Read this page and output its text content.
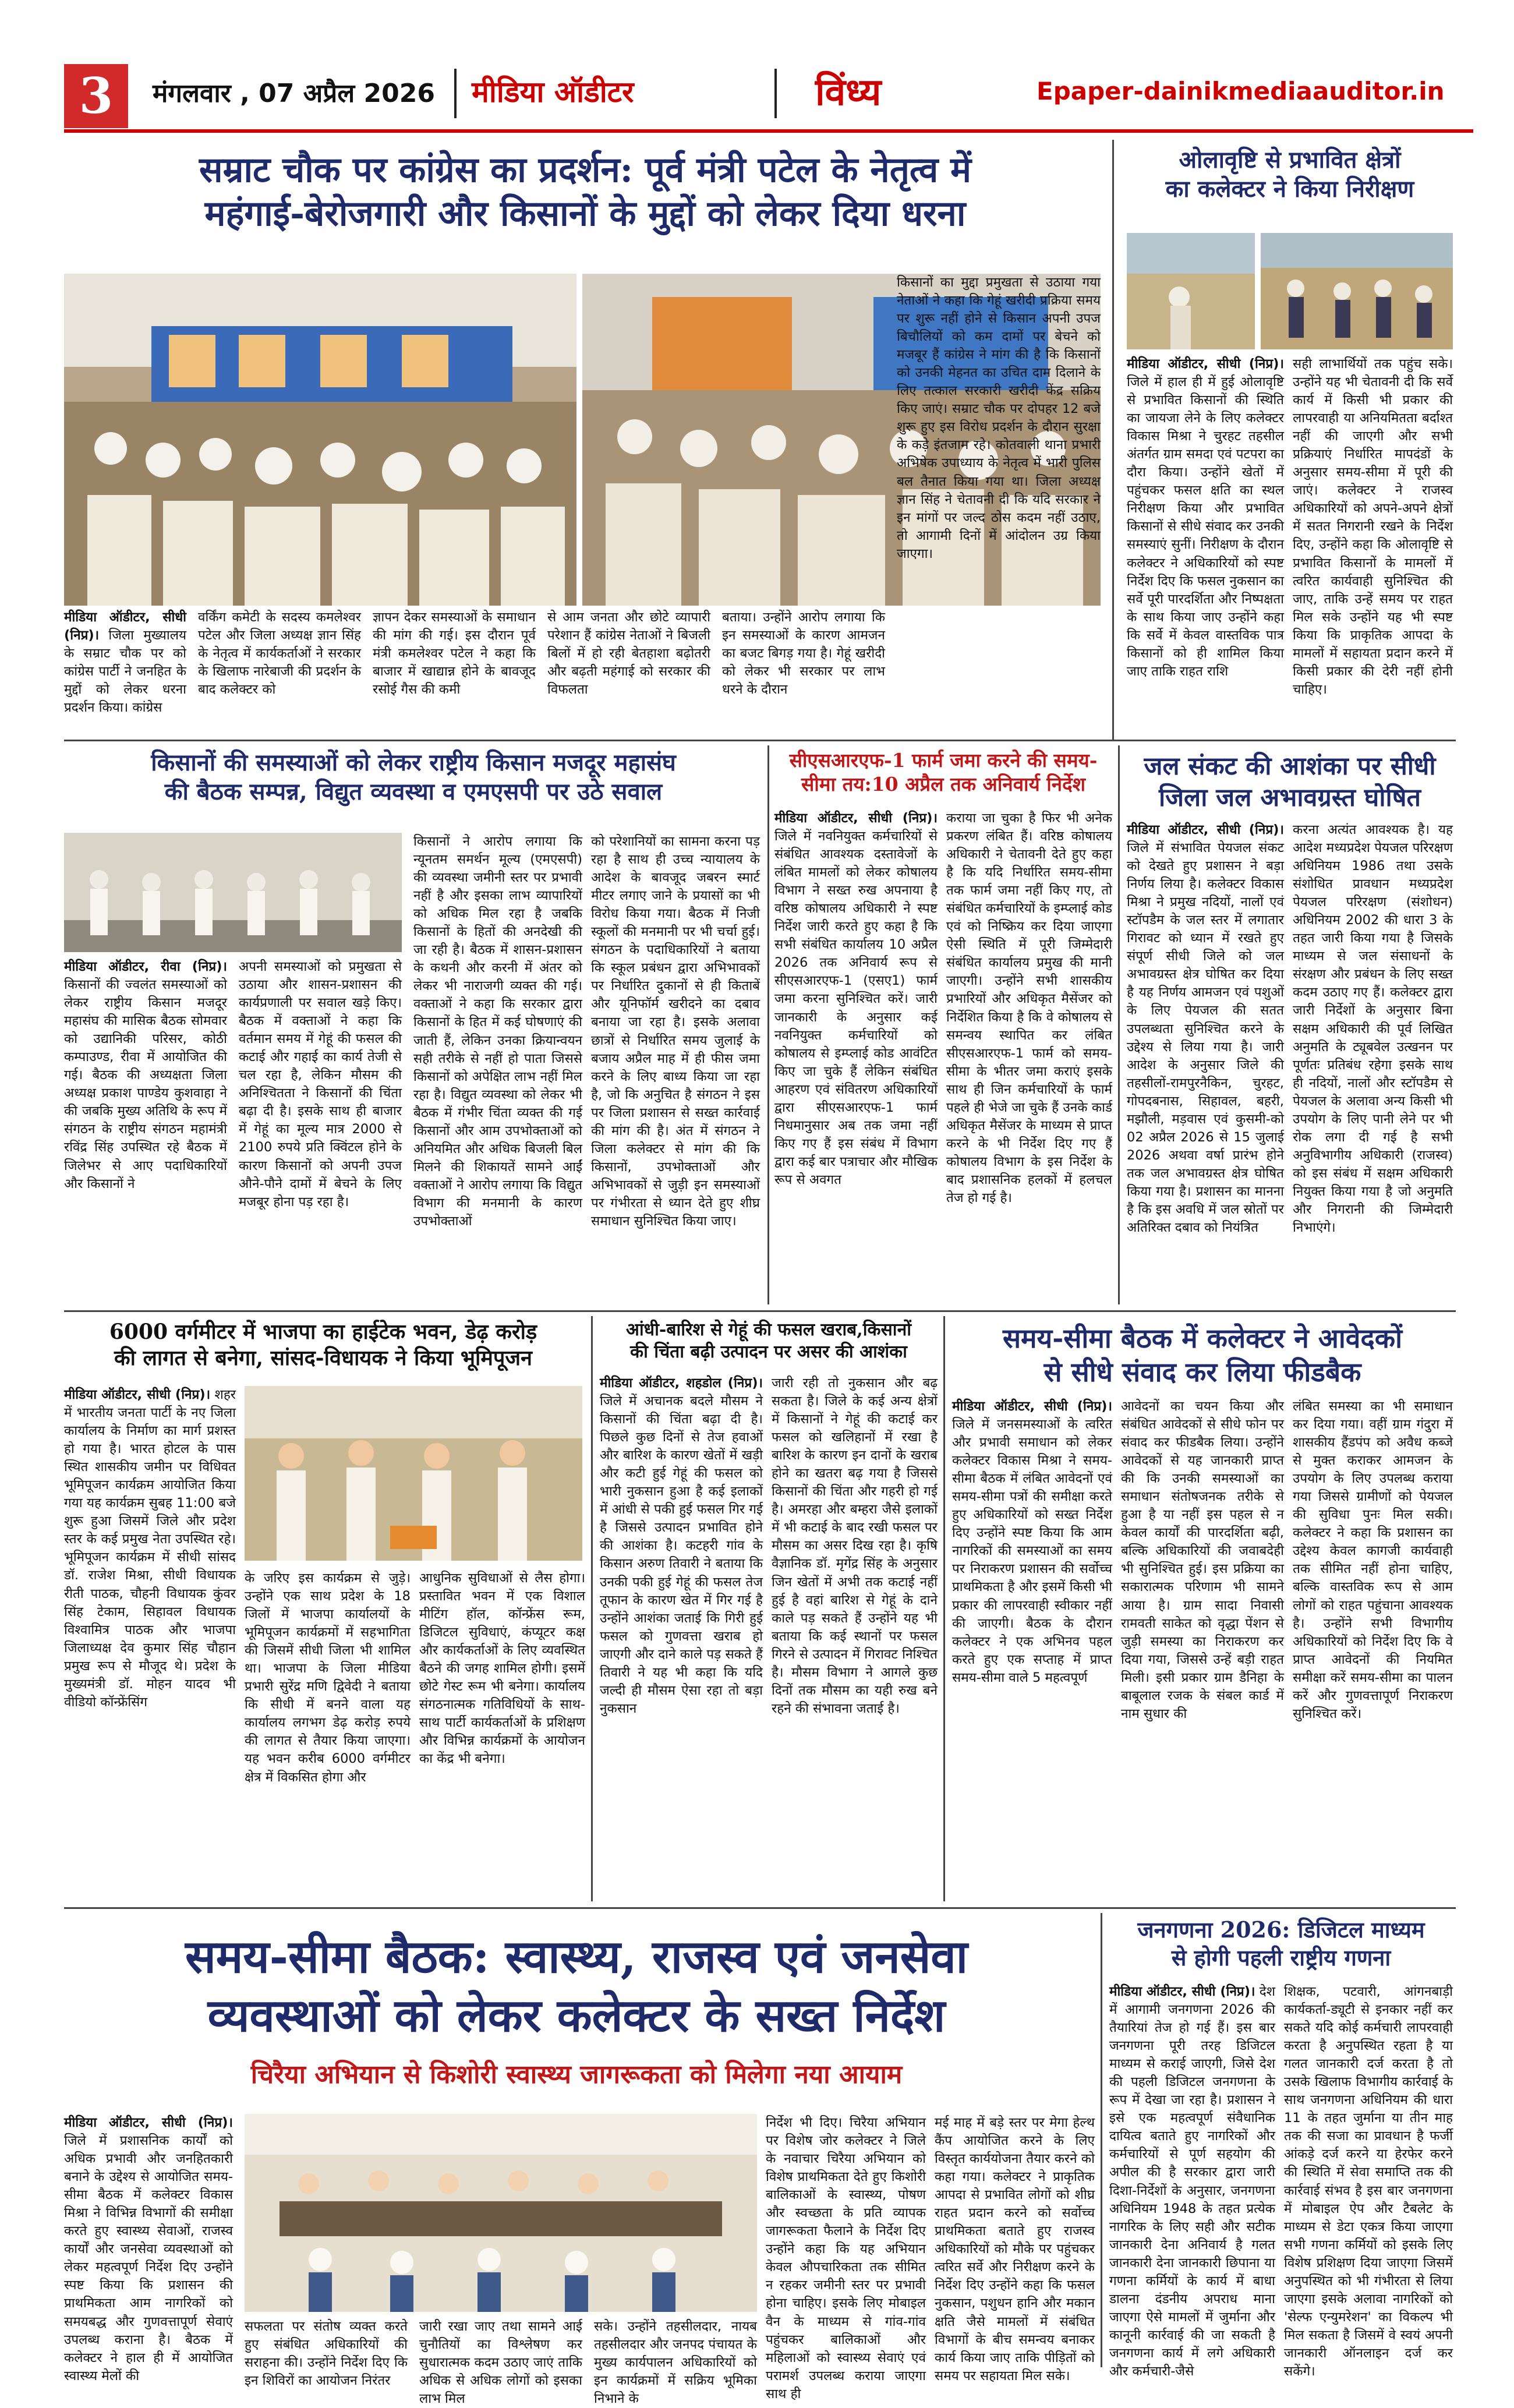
3	मंगलवार , 07 अप्रैल 2026 मीडिया ऑडीटर	विंध्य	Epaper-dainikmediaauditor.in
सम्राट चौक पर कांग्रेस का प्रदर्शन: पूर्व मंत्री पटेल के नेतृत्व में
महंगाई-बेरोजगारी और किसानों के मुद्दों को लेकर दिया धरना
मीडिया ऑडीटर, सीधी (निप्र)। जिला मुख्यालय के सम्राट चौक पर को कांग्रेस पार्टी ने जनहित के मुद्दों को लेकर धरना प्रदर्शन किया। कांग्रेस
वर्किंग कमेटी के सदस्य कमलेश्वर पटेल और जिला अध्यक्ष ज्ञान सिंह के नेतृत्व में कार्यकर्ताओं ने सरकार के खिलाफ नारेबाजी की प्रदर्शन के बाद कलेक्टर को
ज्ञापन देकर समस्याओं के समाधान की मांग की गई। इस दौरान पूर्व मंत्री कमलेश्वर पटेल ने कहा कि बाजार में खाद्यान्न होने के बावजूद रसोई गैस की कमी
से आम जनता और छोटे व्यापारी परेशान हैं कांग्रेस नेताओं ने बिजली बिलों में हो रही बेतहाशा बढ़ोतरी और बढ़ती महंगाई को सरकार की विफलता
बताया। उन्होंने आरोप लगाया कि इन समस्याओं के कारण आमजन का बजट बिगड़ गया है। गेहूं खरीदी को लेकर भी सरकार पर लाभ धरने के दौरान
किसानों का मुद्दा प्रमुखता से उठाया गया नेताओं ने कहा कि गेहूं खरीदी प्रक्रिया समय पर शुरू नहीं होने से किसान अपनी उपज बिचौलियों को कम दामों पर बेचने को मजबूर हैं कांग्रेस ने मांग की है कि किसानों को उनकी मेहनत का उचित दाम दिलाने के लिए तत्काल सरकारी खरीदी केंद्र सक्रिय किए जाएं। सम्राट चौक पर दोपहर 12 बजे शुरू हुए इस विरोध प्रदर्शन के दौरान सुरक्षा के कड़े इंतजाम रहे। कोतवाली थाना प्रभारी अभिषेक उपाध्याय के नेतृत्व में भारी पुलिस बल तैनात किया गया था। जिला अध्यक्ष ज्ञान सिंह ने चेतावनी दी कि यदि सरकार ने इन मांगों पर जल्द ठोस कदम नहीं उठाए, तो आगामी दिनों में आंदोलन उग्र किया जाएगा।
ओलावृष्टि से प्रभावित क्षेत्रों
का कलेक्टर ने किया निरीक्षण
मीडिया ऑडीटर, सीधी (निप्र)। जिले में हाल ही में हुई ओलावृष्टि से प्रभावित किसानों की स्थिति का जायजा लेने के लिए कलेक्टर विकास मिश्रा ने चुरहट तहसील अंतर्गत ग्राम समदा एवं पटपरा का दौरा किया। उन्होंने खेतों में पहुंचकर फसल क्षति का स्थल निरीक्षण किया और प्रभावित किसानों से सीधे संवाद कर उनकी समस्याएं सुनीं। निरीक्षण के दौरान कलेक्टर ने अधिकारियों को स्पष्ट निर्देश दिए कि फसल नुकसान का सर्वे पूरी पारदर्शिता और निष्पक्षता के साथ किया जाए उन्होंने कहा कि सर्वे में केवल वास्तविक पात्र किसानों को ही शामिल किया जाए ताकि राहत राशि
सही लाभार्थियों तक पहुंच सके। उन्होंने यह भी चेतावनी दी कि सर्वे कार्य में किसी भी प्रकार की लापरवाही या अनियमितता बर्दाश्त नहीं की जाएगी और सभी प्रक्रियाएं निर्धारित मापदंडों के अनुसार समय-सीमा में पूरी की जाएं। कलेक्टर ने राजस्व अधिकारियों को अपने-अपने क्षेत्रों में सतत निगरानी रखने के निर्देश दिए, उन्होंने कहा कि ओलावृष्टि से प्रभावित किसानों के मामलों में त्वरित कार्यवाही सुनिश्चित की जाए, ताकि उन्हें समय पर राहत मिल सके उन्होंने यह भी स्पष्ट किया कि प्राकृतिक आपदा के मामलों में सहायता प्रदान करने में किसी प्रकार की देरी नहीं होनी चाहिए।
किसानों की समस्याओं को लेकर राष्ट्रीय किसान मजदूर महासंघ
की बैठक सम्पन्न, विद्युत व्यवस्था व एमएसपी पर उठे सवाल
मीडिया ऑडीटर, रीवा (निप्र)। किसानों की ज्वलंत समस्याओं को लेकर राष्ट्रीय किसान मजदूर महासंघ की मासिक बैठक सोमवार को उद्यानिकी परिसर, कोठी कम्पाउण्ड, रीवा में आयोजित की गई। बैठक की अध्यक्षता जिला अध्यक्ष प्रकाश पाण्डेय कुशवाहा ने की जबकि मुख्य अतिथि के रूप में संगठन के राष्ट्रीय संगठन महामंत्री रविंद्र सिंह उपस्थित रहे बैठक में जिलेभर से आए पदाधिकारियों और किसानों ने
अपनी समस्याओं को प्रमुखता से उठाया और शासन-प्रशासन की कार्यप्रणाली पर सवाल खड़े किए। बैठक में वक्ताओं ने कहा कि वर्तमान समय में गेहूं की फसल की कटाई और गहाई का कार्य तेजी से चल रहा है, लेकिन मौसम की अनिश्चितता ने किसानों की चिंता बढ़ा दी है। इसके साथ ही बाजार में गेहूं का मूल्य मात्र 2000 से 2100 रुपये प्रति क्विंटल होने के कारण किसानों को अपनी उपज औने-पौने दामों में बेचने के लिए मजबूर होना पड़ रहा है।
किसानों ने आरोप लगाया कि न्यूनतम समर्थन मूल्य (एमएसपी) की व्यवस्था जमीनी स्तर पर प्रभावी नहीं है और इसका लाभ व्यापारियों को अधिक मिल रहा है जबकि किसानों के हितों की अनदेखी की जा रही है। बैठक में शासन-प्रशासन के कथनी और करनी में अंतर को लेकर भी नाराजगी व्यक्त की गई। वक्ताओं ने कहा कि सरकार द्वारा किसानों के हित में कई घोषणाएं की जाती हैं, लेकिन उनका क्रियान्वयन सही तरीके से नहीं हो पाता जिससे किसानों को अपेक्षित लाभ नहीं मिल रहा है। विद्युत व्यवस्था को लेकर भी बैठक में गंभीर चिंता व्यक्त की गई किसानों और आम उपभोक्ताओं को अनियमित और अधिक बिजली बिल मिलने की शिकायतें सामने आईं वक्ताओं ने आरोप लगाया कि विद्युत विभाग की मनमानी के कारण उपभोक्ताओं
को परेशानियों का सामना करना पड़ रहा है साथ ही उच्च न्यायालय के आदेश के बावजूद जबरन स्मार्ट मीटर लगाए जाने के प्रयासों का भी विरोध किया गया। बैठक में निजी स्कूलों की मनमानी पर भी चर्चा हुई। संगठन के पदाधिकारियों ने बताया कि स्कूल प्रबंधन द्वारा अभिभावकों पर निर्धारित दुकानों से ही किताबें और यूनिफॉर्म खरीदने का दबाव बनाया जा रहा है। इसके अलावा छात्रों से निर्धारित समय जुलाई के बजाय अप्रैल माह में ही फीस जमा करने के लिए बाध्य किया जा रहा है, जो कि अनुचित है संगठन ने इस पर जिला प्रशासन से सख्त कार्रवाई की मांग की है। अंत में संगठन ने जिला कलेक्टर से मांग की कि किसानों, उपभोक्ताओं और अभिभावकों से जुड़ी इन समस्याओं पर गंभीरता से ध्यान देते हुए शीघ्र समाधान सुनिश्चित किया जाए।
सीएसआरएफ-1 फार्म जमा करने की समय-
सीमा तय:10 अप्रैल तक अनिवार्य निर्देश
मीडिया ऑडीटर, सीधी (निप्र)। जिले में नवनियुक्त कर्मचारियों से संबंधित आवश्यक दस्तावेजों के लंबित मामलों को लेकर कोषालय विभाग ने सख्त रुख अपनाया है वरिष्ठ कोषालय अधिकारी ने स्पष्ट निर्देश जारी करते हुए कहा है कि सभी संबंधित कार्यालय 10 अप्रैल 2026 तक अनिवार्य रूप से सीएसआरएफ-1 (एसए1) फार्म जमा करना सुनिश्चित करें। जारी जानकारी के अनुसार कई नवनियुक्त कर्मचारियों को कोषालय से इम्प्लाई कोड आवंटित किए जा चुके हैं लेकिन संबंधित आहरण एवं संवितरण अधिकारियों द्वारा सीएसआरएफ-1 फार्म निधमानुसार अब तक जमा नहीं किए गए हैं इस संबंध में विभाग द्वारा कई बार पत्राचार और मौखिक रूप से अवगत
कराया जा चुका है फिर भी अनेक प्रकरण लंबित हैं। वरिष्ठ कोषालय अधिकारी ने चेतावनी देते हुए कहा है कि यदि निर्धारित समय-सीमा तक फार्म जमा नहीं किए गए, तो संबंधित कर्मचारियों के इम्प्लाई कोड एवं को निष्क्रिय कर दिया जाएगा ऐसी स्थिति में पूरी जिम्मेदारी संबंधित कार्यालय प्रमुख की मानी जाएगी। उन्होंने सभी शासकीय प्रभारियों और अधिकृत मैसेंजर को निर्देशित किया है कि वे कोषालय से समन्वय स्थापित कर लंबित सीएसआरएफ-1 फार्म को समय-सीमा के भीतर जमा कराएं इसके साथ ही जिन कर्मचारियों के फार्म पहले ही भेजे जा चुके हैं उनके कार्ड अधिकृत मैसेंजर के माध्यम से प्राप्त करने के भी निर्देश दिए गए हैं कोषालय विभाग के इस निर्देश के बाद प्रशासनिक हलकों में हलचल तेज हो गई है।
जल संकट की आशंका पर सीधी
जिला जल अभावग्रस्त घोषित
मीडिया ऑडीटर, सीधी (निप्र)। जिले में संभावित पेयजल संकट को देखते हुए प्रशासन ने बड़ा निर्णय लिया है। कलेक्टर विकास मिश्रा ने प्रमुख नदियों, नालों एवं स्टॉपडैम के जल स्तर में लगातार गिरावट को ध्यान में रखते हुए संपूर्ण सीधी जिले को जल अभावग्रस्त क्षेत्र घोषित कर दिया है यह निर्णय आमजन एवं पशुओं के लिए पेयजल की सतत उपलब्धता सुनिश्चित करने के उद्देश्य से लिया गया है। जारी आदेश के अनुसार जिले की तहसीलों-रामपुरनैकिन, चुरहट, गोपदबनास, सिहावल, बहरी, मझौली, मड़वास एवं कुसमी-को 02 अप्रैल 2026 से 15 जुलाई 2026 अथवा वर्षा प्रारंभ होने तक जल अभावग्रस्त क्षेत्र घोषित किया गया है। प्रशासन का मानना है कि इस अवधि में जल स्रोतों पर अतिरिक्त दबाव को नियंत्रित
करना अत्यंत आवश्यक है। यह आदेश मध्यप्रदेश पेयजल परिरक्षण अधिनियम 1986 तथा उसके संशोधित प्रावधान मध्यप्रदेश पेयजल परिरक्षण (संशोधन) अधिनियम 2002 की धारा 3 के तहत जारी किया गया है जिसके माध्यम से जल संसाधनों के संरक्षण और प्रबंधन के लिए सख्त कदम उठाए गए हैं। कलेक्टर द्वारा जारी निर्देशों के अनुसार बिना सक्षम अधिकारी की पूर्व लिखित अनुमति के ट्यूबवेल उत्खनन पर पूर्णतः प्रतिबंध रहेगा इसके साथ ही नदियों, नालों और स्टॉपडैम से पेयजल के अलावा अन्य किसी भी उपयोग के लिए पानी लेने पर भी रोक लगा दी गई है सभी अनुविभागीय अधिकारी (राजस्व) को इस संबंध में सक्षम अधिकारी नियुक्त किया गया है जो अनुमति और निगरानी की जिम्मेदारी निभाएंगे।
6000 वर्गमीटर में भाजपा का हाईटेक भवन, डेढ़ करोड़
की लागत से बनेगा, सांसद-विधायक ने किया भूमिपूजन
मीडिया ऑडीटर, सीधी (निप्र)। शहर में भारतीय जनता पार्टी के नए जिला कार्यालय के निर्माण का मार्ग प्रशस्त हो गया है। भारत होटल के पास स्थित शासकीय जमीन पर विधिवत भूमिपूजन कार्यक्रम आयोजित किया गया यह कार्यक्रम सुबह 11:00 बजे शुरू हुआ जिसमें जिले और प्रदेश स्तर के कई प्रमुख नेता उपस्थित रहे। भूमिपूजन कार्यक्रम में सीधी सांसद डॉ. राजेश मिश्रा, सीधी विधायक रीती पाठक, चौहनी विधायक कुंवर सिंह टेकाम, सिहावल विधायक विश्वामित्र पाठक और भाजपा जिलाध्यक्ष देव कुमार सिंह चौहान प्रमुख रूप से मौजूद थे। प्रदेश के मुख्यमंत्री डॉ. मोहन यादव भी वीडियो कॉन्फ्रेंसिंग
के जरिए इस कार्यक्रम से जुड़े। उन्होंने एक साथ प्रदेश के 18 जिलों में भाजपा कार्यालयों के भूमिपूजन कार्यक्रमों में सहभागिता की जिसमें सीधी जिला भी शामिल था। भाजपा के जिला मीडिया प्रभारी सुरेंद्र मणि द्विवेदी ने बताया कि सीधी में बनने वाला यह कार्यालय लगभग डेढ़ करोड़ रुपये की लागत से तैयार किया जाएगा। यह भवन करीब 6000 वर्गमीटर क्षेत्र में विकसित होगा और
आधुनिक सुविधाओं से लैस होगा। प्रस्तावित भवन में एक विशाल मीटिंग हॉल, कॉन्फ्रेंस रूम, डिजिटल सुविधाएं, कंप्यूटर कक्ष और कार्यकर्ताओं के लिए व्यवस्थित बैठने की जगह शामिल होगी। इसमें छोटे गेस्ट रूम भी बनेगा। कार्यालय संगठनात्मक गतिविधियों के साथ-साथ पार्टी कार्यकर्ताओं के प्रशिक्षण और विभिन्न कार्यक्रमों के आयोजन का केंद्र भी बनेगा।
आंधी-बारिश से गेहूं की फसल खराब,किसानों
की चिंता बढ़ी उत्पादन पर असर की आशंका
मीडिया ऑडीटर, शहडोल (निप्र)। जिले में अचानक बदले मौसम ने किसानों की चिंता बढ़ा दी है। पिछले कुछ दिनों से तेज हवाओं और बारिश के कारण खेतों में खड़ी और कटी हुई गेहूं की फसल को भारी नुकसान हुआ है कई इलाकों में आंधी से पकी हुई फसल गिर गई है जिससे उत्पादन प्रभावित होने की आशंका है। कटहरी गांव के किसान अरुण तिवारी ने बताया कि उनकी पकी हुई गेहूं की फसल तेज तूफान के कारण खेत में गिर गई है उन्होंने आशंका जताई कि गिरी हुई फसल को गुणवत्ता खराब हो जाएगी और दाने काले पड़ सकते हैं तिवारी ने यह भी कहा कि यदि जल्दी ही मौसम ऐसा रहा तो बड़ा नुकसान
जारी रही तो नुकसान और बढ़ सकता है। जिले के कई अन्य क्षेत्रों में किसानों ने गेहूं की कटाई कर फसल को खलिहानों में रखा है बारिश के कारण इन दानों के खराब होने का खतरा बढ़ गया है जिससे किसानों की चिंता और गहरी हो गई है। अमरहा और बम्हरा जैसे इलाकों में भी कटाई के बाद रखी फसल पर मौसम का असर दिख रहा है। कृषि वैज्ञानिक डॉ. मृगेंद्र सिंह के अनुसार जिन खेतों में अभी तक कटाई नहीं हुई है वहां बारिश से गेहूं के दाने काले पड़ सकते हैं उन्होंने यह भी बताया कि कई स्थानों पर फसल गिरने से उत्पादन में गिरावट निश्चित है। मौसम विभाग ने आगले कुछ दिनों तक मौसम का यही रुख बने रहने की संभावना जताई है।
समय-सीमा बैठक में कलेक्टर ने आवेदकों
से सीधे संवाद कर लिया फीडबैक
मीडिया ऑडीटर, सीधी (निप्र)। जिले में जनसमस्याओं के त्वरित और प्रभावी समाधान को लेकर कलेक्टर विकास मिश्रा ने समय-सीमा बैठक में लंबित आवेदनों एवं समय-सीमा पत्रों की समीक्षा करते हुए अधिकारियों को सख्त निर्देश दिए उन्होंने स्पष्ट किया कि आम नागरिकों की समस्याओं का समय पर निराकरण प्रशासन की सर्वोच्च प्राथमिकता है और इसमें किसी भी प्रकार की लापरवाही स्वीकार नहीं की जाएगी। बैठक के दौरान कलेक्टर ने एक अभिनव पहल करते हुए एक सप्ताह में प्राप्त समय-सीमा वाले 5 महत्वपूर्ण
आवेदनों का चयन किया और संबंधित आवेदकों से सीधे फोन पर संवाद कर फीडबैक लिया। उन्होंने आवेदकों से यह जानकारी प्राप्त की कि उनकी समस्याओं का समाधान संतोषजनक तरीके से हुआ है या नहीं इस पहल से न केवल कार्यों की पारदर्शिता बढ़ी, बल्कि अधिकारियों की जवाबदेही भी सुनिश्चित हुई। इस प्रक्रिया का सकारात्मक परिणाम भी सामने आया है। ग्राम सादा निवासी रामवती साकेत को वृद्धा पेंशन से जुड़ी समस्या का निराकरण कर दिया गया, जिससे उन्हें बड़ी राहत मिली। इसी प्रकार ग्राम डैनिहा के बाबूलाल रजक के संबल कार्ड में नाम सुधार की
लंबित समस्या का भी समाधान कर दिया गया। वहीं ग्राम गंदुरा में शासकीय हैंडपंप को अवैध कब्जे से मुक्त कराकर आमजन के उपयोग के लिए उपलब्ध कराया गया जिससे ग्रामीणों को पेयजल की सुविधा पुनः मिल सकी। कलेक्टर ने कहा कि प्रशासन का उद्देश्य केवल कागजी कार्यवाही तक सीमित नहीं होना चाहिए, बल्कि वास्तविक रूप से आम लोगों को राहत पहुंचाना आवश्यक है। उन्होंने सभी विभागीय अधिकारियों को निर्देश दिए कि वे प्राप्त आवेदनों की नियमित समीक्षा करें समय-सीमा का पालन करें और गुणवत्तापूर्ण निराकरण सुनिश्चित करें।
समय-सीमा बैठक: स्वास्थ्य, राजस्व एवं जनसेवा
व्यवस्थाओं को लेकर कलेक्टर के सख्त निर्देश
चिरैया अभियान से किशोरी स्वास्थ्य जागरूकता को मिलेगा नया आयाम
मीडिया ऑडीटर, सीधी (निप्र)। जिले में प्रशासनिक कार्यों को अधिक प्रभावी और जनहितकारी बनाने के उद्देश्य से आयोजित समय-सीमा बैठक में कलेक्टर विकास मिश्रा ने विभिन्न विभागों की समीक्षा करते हुए स्वास्थ्य सेवाओं, राजस्व कार्यों और जनसेवा व्यवस्थाओं को लेकर महत्वपूर्ण निर्देश दिए उन्होंने स्पष्ट किया कि प्रशासन की प्राथमिकता आम नागरिकों को समयबद्ध और गुणवत्तापूर्ण सेवाएं उपलब्ध कराना है। बैठक में कलेक्टर ने हाल ही में आयोजित स्वास्थ्य मेलों की
सफलता पर संतोष व्यक्त करते हुए संबंधित अधिकारियों की सराहना की। उन्होंने निर्देश दिए कि इन शिविरों का आयोजन निरंतर
जारी रखा जाए तथा सामने आई चुनौतियों का विश्लेषण कर सुधारात्मक कदम उठाए जाएं ताकि अधिक से अधिक लोगों को इसका लाभ मिल
सके। उन्होंने तहसीलदार, नायब तहसीलदार और जनपद पंचायत के मुख्य कार्यपालन अधिकारियों को इन कार्यक्रमों में सक्रिय भूमिका निभाने के
निर्देश भी दिए। चिरैया अभियान पर विशेष जोर कलेक्टर ने जिले के नवाचार चिरैया अभियान को विशेष प्राथमिकता देते हुए किशोरी बालिकाओं के स्वास्थ्य, पोषण और स्वच्छता के प्रति व्यापक जागरूकता फैलाने के निर्देश दिए उन्होंने कहा कि यह अभियान केवल औपचारिकता तक सीमित न रहकर जमीनी स्तर पर प्रभावी होना चाहिए। इसके लिए मोबाइल वैन के माध्यम से गांव-गांव पहुंचकर बालिकाओं और महिलाओं को स्वास्थ्य सेवाएं एवं परामर्श उपलब्ध कराया जाएगा साथ ही
मई माह में बड़े स्तर पर मेगा हेल्थ कैंप आयोजित करने के लिए विस्तृत कार्ययोजना तैयार करने को कहा गया। कलेक्टर ने प्राकृतिक आपदा से प्रभावित लोगों को शीघ्र राहत प्रदान करने को सर्वोच्च प्राथमिकता बताते हुए राजस्व अधिकारियों को मौके पर पहुंचकर त्वरित सर्वे और निरीक्षण करने के निर्देश दिए उन्होंने कहा कि फसल नुकसान, पशुधन हानि और मकान क्षति जैसे मामलों में संबंधित विभागों के बीच समन्वय बनाकर कार्य किया जाए ताकि पीड़ितों को समय पर सहायता मिल सके।
जनगणना 2026: डिजिटल माध्यम
से होगी पहली राष्ट्रीय गणना
मीडिया ऑडीटर, सीधी (निप्र)। देश में आगामी जनगणना 2026 की तैयारियां तेज हो गई हैं। इस बार जनगणना पूरी तरह डिजिटल माध्यम से कराई जाएगी, जिसे देश की पहली डिजिटल जनगणना के रूप में देखा जा रहा है। प्रशासन ने इसे एक महत्वपूर्ण संवैधानिक दायित्व बताते हुए नागरिकों और कर्मचारियों से पूर्ण सहयोग की अपील की है सरकार द्वारा जारी दिशा-निर्देशों के अनुसार, जनगणना अधिनियम 1948 के तहत प्रत्येक नागरिक के लिए सही और सटीक जानकारी देना अनिवार्य है गलत जानकारी देना जानकारी छिपाना या गणना कर्मियों के कार्य में बाधा डालना दंडनीय अपराध माना जाएगा ऐसे मामलों में जुर्माना और कानूनी कार्रवाई की जा सकती है जनगणना कार्य में लगे अधिकारी और कर्मचारी-जैसे
शिक्षक, पटवारी, आंगनबाड़ी कार्यकर्ता-ड्यूटी से इनकार नहीं कर सकते यदि कोई कर्मचारी लापरवाही करता है अनुपस्थित रहता है या गलत जानकारी दर्ज करता है तो उसके खिलाफ विभागीय कार्रवाई के साथ जनगणना अधिनियम की धारा 11 के तहत जुर्माना या तीन माह तक की सजा का प्रावधान है फर्जी आंकड़े दर्ज करने या हेरफेर करने की स्थिति में सेवा समाप्ति तक की कार्रवाई संभव है इस बार जनगणना में मोबाइल ऐप और टैबलेट के माध्यम से डेटा एकत्र किया जाएगा सभी गणना कर्मियों को इसके लिए विशेष प्रशिक्षण दिया जाएगा जिसमें अनुपस्थित को भी गंभीरता से लिया जाएगा इसके अलावा नागरिकों को 'सेल्फ एन्युमरेशन' का विकल्प भी मिल सकता है जिसमें वे स्वयं अपनी जानकारी ऑनलाइन दर्ज कर सकेंगे।
